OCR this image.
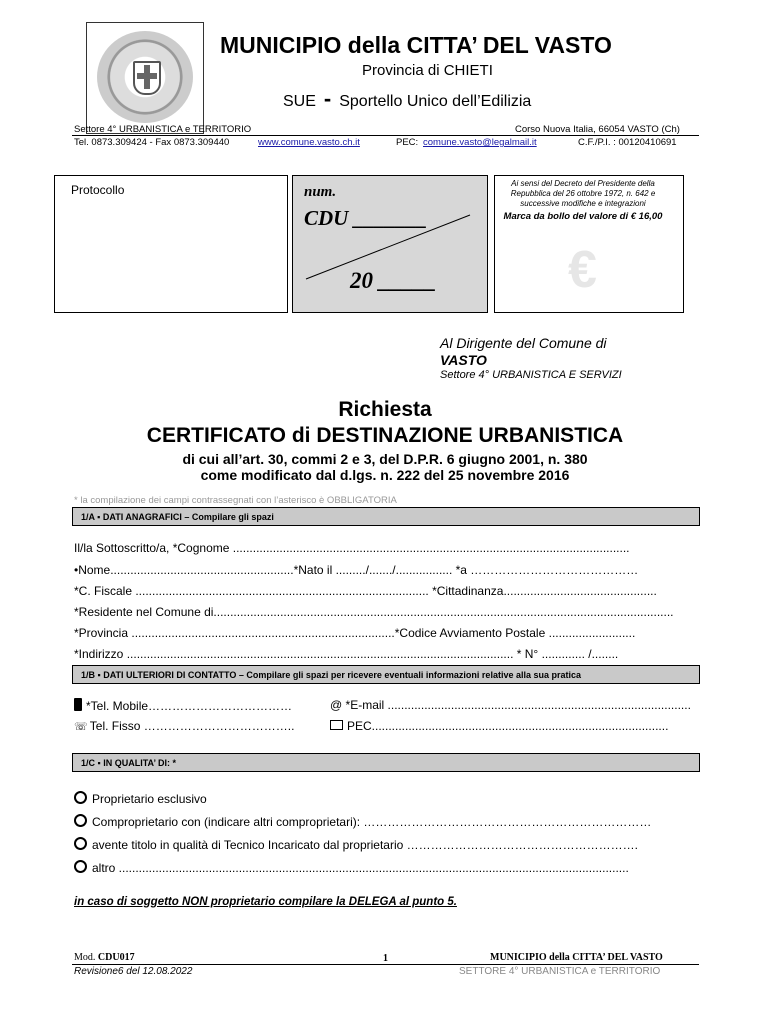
MUNICIPIO della CITTA’ DEL VASTO
Provincia di CHIETI
SUE - Sportello Unico dell’Edilizia
Settore 4° URBANISTICA e TERRITORIO	Corso Nuova Italia, 66054 VASTO (Ch)
Tel. 0873.309424 - Fax 0873.309440	www.comune.vasto.ch.it	PEC: comune.vasto@legalmail.it	C.F./P.I. : 00120410691
Protocollo	num.
CDU _______
20 _____
Ai sensi del Decreto del Presidente della Repubblica del 26 ottobre 1972, n. 642 e successive modifiche e integrazioni
Marca da bollo del valore di € 16,00
€
Al Dirigente del Comune di
VASTO
Settore 4° URBANISTICA E SERVIZI
Richiesta
CERTIFICATO di DESTINAZIONE URBANISTICA
di cui all’art. 30, commi 2 e 3, del D.P.R. 6 giugno 2001, n. 380
come modificato dal d.lgs. n. 222 del 25 novembre 2016
* la compilazione dei campi contrassegnati con l’asterisco è OBBLIGATORIA
1/A ▪ DATI ANAGRAFICI – Compilare gli spazi
Il/la Sottoscritto/a, *Cognome .......................................................................................................................
•Nome.......................................................*Nato il ........./......./................. *a ……………………………………
*C. Fiscale ........................................................................................ *Cittadinanza..............................................
*Residente nel Comune di..........................................................................................................................................
*Provincia ...............................................................................*Codice Avviamento Postale ..........................
*Indirizzo .................................................................................................................... * N° ............. /........
1/B ▪ DATI ULTERIORI DI CONTATTO – Compilare gli spazi per ricevere eventuali informazioni relative alla sua pratica
*Tel. Mobile………………………………	@ *E-mail ...........................................................................................
☏ Tel. Fisso ………………………………..	PEC.........................................................................................
1/C ▪ IN QUALITA’ DI: *
Proprietario esclusivo
Comproprietario con (indicare altri comproprietari): ………………………………………………………………
avente titolo in qualità di Tecnico Incaricato dal proprietario ………………………………………………….
altro .........................................................................................................................................................
in caso di soggetto NON proprietario compilare la DELEGA al punto 5.
Mod. CDU017	1	MUNICIPIO della CITTA’ DEL VASTO
Revisione6 del 12.08.2022	SETTORE 4° URBANISTICA e TERRITORIO
